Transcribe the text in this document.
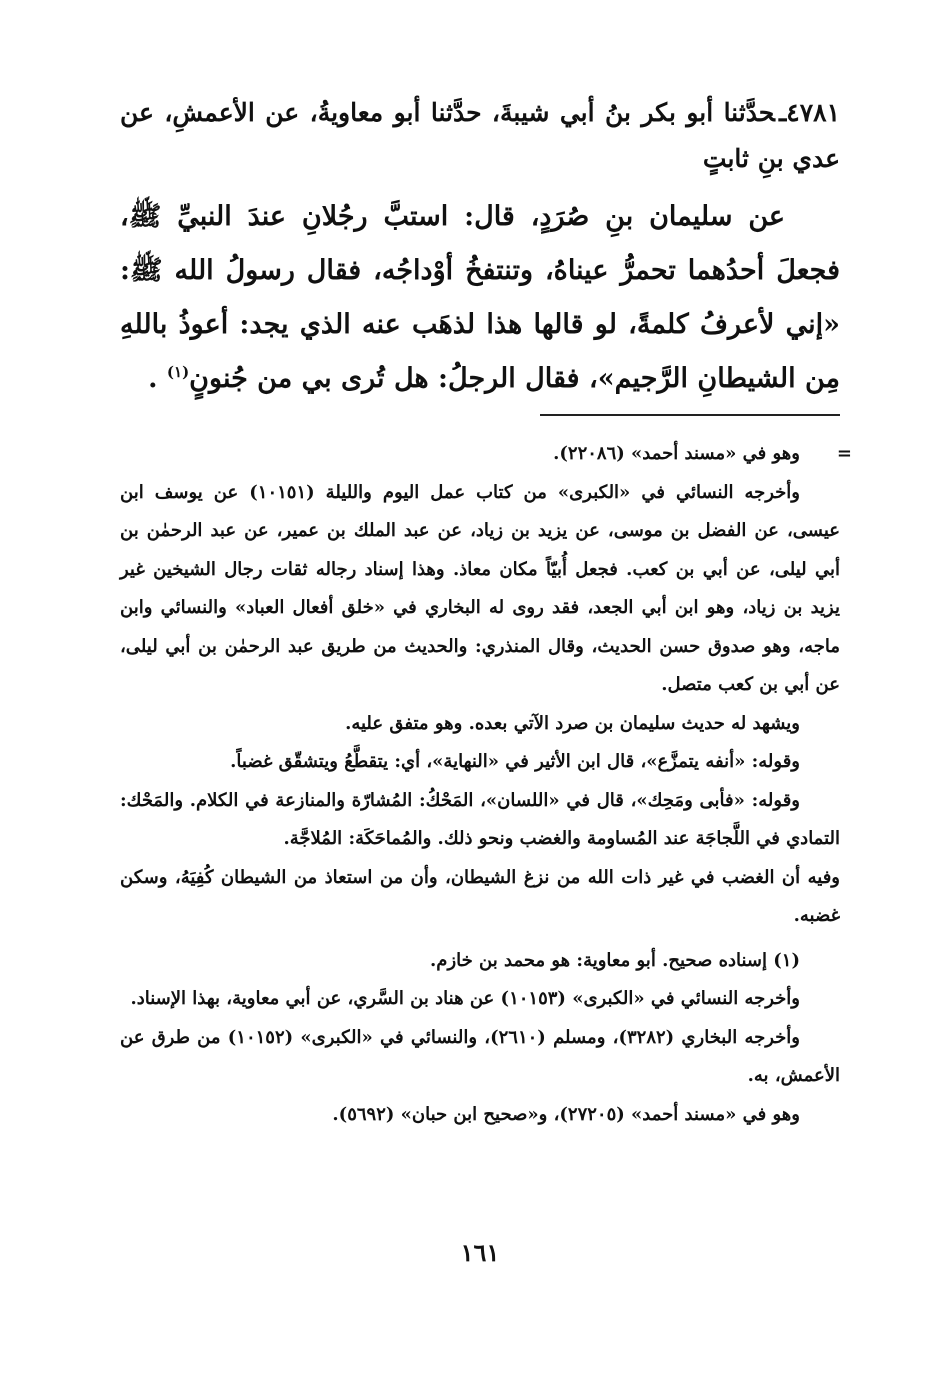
٤٧٨١ـحدَّثنا أبو بكر بنُ أبي شيبةَ، حدَّثنا أبو معاويةُ، عن الأعمشِ، عن عدي بنِ ثابتٍ

عن سليمان بنِ صُرَدٍ، قال: استبَّ رجُلانِ عندَ النبيِّ ﷺ، فجعلَ أحدُهما تحمرُّ عيناهُ، وتنتفخُ أوْداجُه، فقال رسولُ الله ﷺ: «إني لأعرفُ كلمةً، لو قالها هذا لذهَب عنه الذي يجد: أعوذُ باللهِ مِن الشيطانِ الرَّجيم»، فقال الرجلُ: هل تُرى بي من جُنونٍ$^{(١)}$ .

=

وهو في «مسند أحمد» (٢٢٠٨٦).

وأخرجه النسائي في «الكبرى» من كتاب عمل اليوم والليلة (١٠١٥١) عن يوسف ابن عيسى، عن الفضل بن موسى، عن يزيد بن زياد، عن عبد الملك بن عمير، عن عبد الرحمٰن بن أبي ليلى، عن أبي بن كعب. فجعل أُبيّاً مكان معاذ. وهذا إسناد رجاله ثقات رجال الشيخين غير يزيد بن زياد، وهو ابن أبي الجعد، فقد روى له البخاري في «خلق أفعال العباد» والنسائي وابن ماجه، وهو صدوق حسن الحديث، وقال المنذري: والحديث من طريق عبد الرحمٰن بن أبي ليلى، عن أبي بن كعب متصل.

ويشهد له حديث سليمان بن صرد الآتي بعده. وهو متفق عليه.

وقوله: «أنفه يتمزَّع»، قال ابن الأثير في «النهاية»، أي: يتقطَّعُ ويتشقّق غضباً.

وقوله: «فأبى ومَحِك»، قال في «اللسان»، المَحْكُ: المُشارّة والمنازعة في الكلام. والمَحْك: التمادي في اللَّجاجَة عند المُساومة والغضب ونحو ذلك. والمُماحَكَة: المُلاجَّة.

وفيه أن الغضب في غير ذات الله من نزغ الشيطان، وأن من استعاذ من الشيطان كُفِيَهُ، وسكن غضبه.

(١) إسناده صحيح. أبو معاوية: هو محمد بن خازم.

وأخرجه النسائي في «الكبرى» (١٠١٥٣) عن هناد بن السَّري، عن أبي معاوية، بهذا الإسناد.

وأخرجه البخاري (٣٢٨٢)، ومسلم (٢٦١٠)، والنسائي في «الكبرى» (١٠١٥٢) من طرق عن الأعمش، به.

وهو في «مسند أحمد» (٢٧٢٠٥)، و«صحيح ابن حبان» (٥٦٩٢).

١٦١
